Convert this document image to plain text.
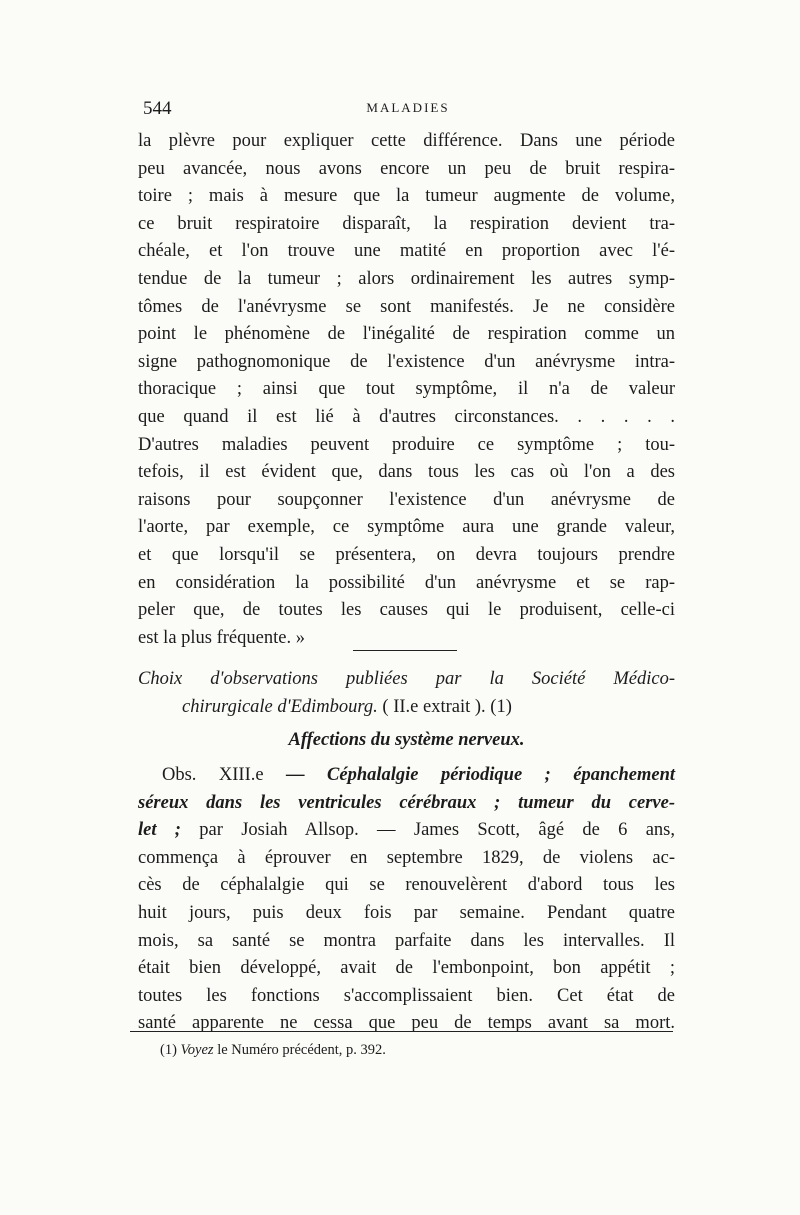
544	MALADIES
la plèvre pour expliquer cette différence. Dans une période
peu avancée, nous avons encore un peu de bruit respira-
toire ; mais à mesure que la tumeur augmente de volume,
ce bruit respiratoire disparaît, la respiration devient tra-
chéale, et l'on trouve une matité en proportion avec l'é-
tendue de la tumeur ; alors ordinairement les autres symp-
tômes de l'anévrysme se sont manifestés. Je ne considère
point le phénomène de l'inégalité de respiration comme un
signe pathognomonique de l'existence d'un anévrysme intra-
thoracique ; ainsi que tout symptôme, il n'a de valeur
que quand il est lié à d'autres circonstances. . . . . .
D'autres maladies peuvent produire ce symptôme ; tou-
tefois, il est évident que, dans tous les cas où l'on a des
raisons pour soupçonner l'existence d'un anévrysme de
l'aorte, par exemple, ce symptôme aura une grande valeur,
et que lorsqu'il se présentera, on devra toujours prendre
en considération la possibilité d'un anévrysme et se rap-
peler que, de toutes les causes qui le produisent, celle-ci
est la plus fréquente. »
Choix d'observations publiées par la Société Médico-
chirurgicale d'Edimbourg. ( II.e extrait ). (1)
Affections du système nerveux.
Obs. XIII.e — Céphalalgie périodique ; épanchement
séreux dans les ventricules cérébraux ; tumeur du cerve-
let ; par Josiah Allsop. — James Scott, âgé de 6 ans,
commença à éprouver en septembre 1829, de violens ac-
cès de céphalalgie qui se renouvelèrent d'abord tous les
huit jours, puis deux fois par semaine. Pendant quatre
mois, sa santé se montra parfaite dans les intervalles. Il
était bien développé, avait de l'embonpoint, bon appétit ;
toutes les fonctions s'accomplissaient bien. Cet état de
santé apparente ne cessa que peu de temps avant sa mort.
(1) Voyez le Numéro précédent, p. 392.
